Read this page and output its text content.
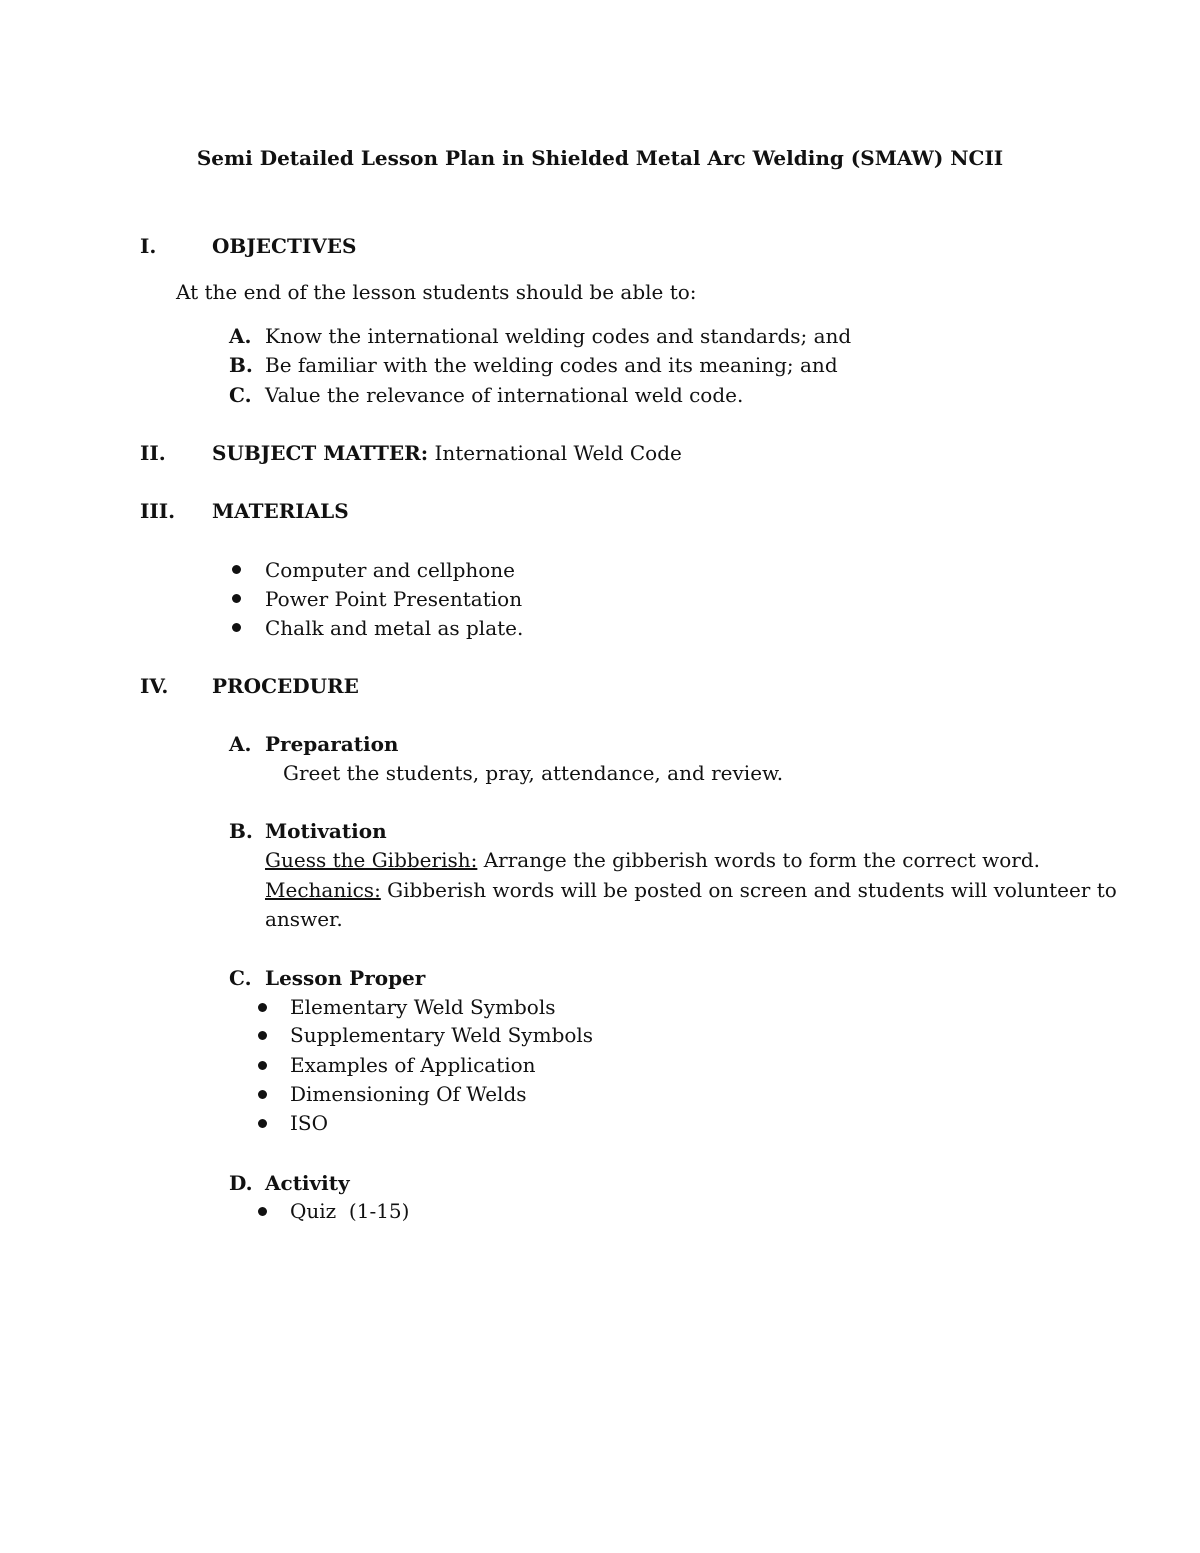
Semi Detailed Lesson Plan in Shielded Metal Arc Welding (SMAW) NCII
I.	OBJECTIVES
At the end of the lesson students should be able to:
A. Know the international welding codes and standards; and
B. Be familiar with the welding codes and its meaning; and
C. Value the relevance of international weld code.
II. SUBJECT MATTER: International Weld Code
III. MATERIALS
Computer and cellphone
Power Point Presentation
Chalk and metal as plate.
IV. PROCEDURE
A. Preparation
Greet the students, pray, attendance, and review.
B. Motivation
Guess the Gibberish: Arrange the gibberish words to form the correct word.
Mechanics: Gibberish words will be posted on screen and students will volunteer to
answer.
C. Lesson Proper
Elementary Weld Symbols
Supplementary Weld Symbols
Examples of Application
Dimensioning Of Welds
ISO
D. Activity
Quiz  (1-15)
